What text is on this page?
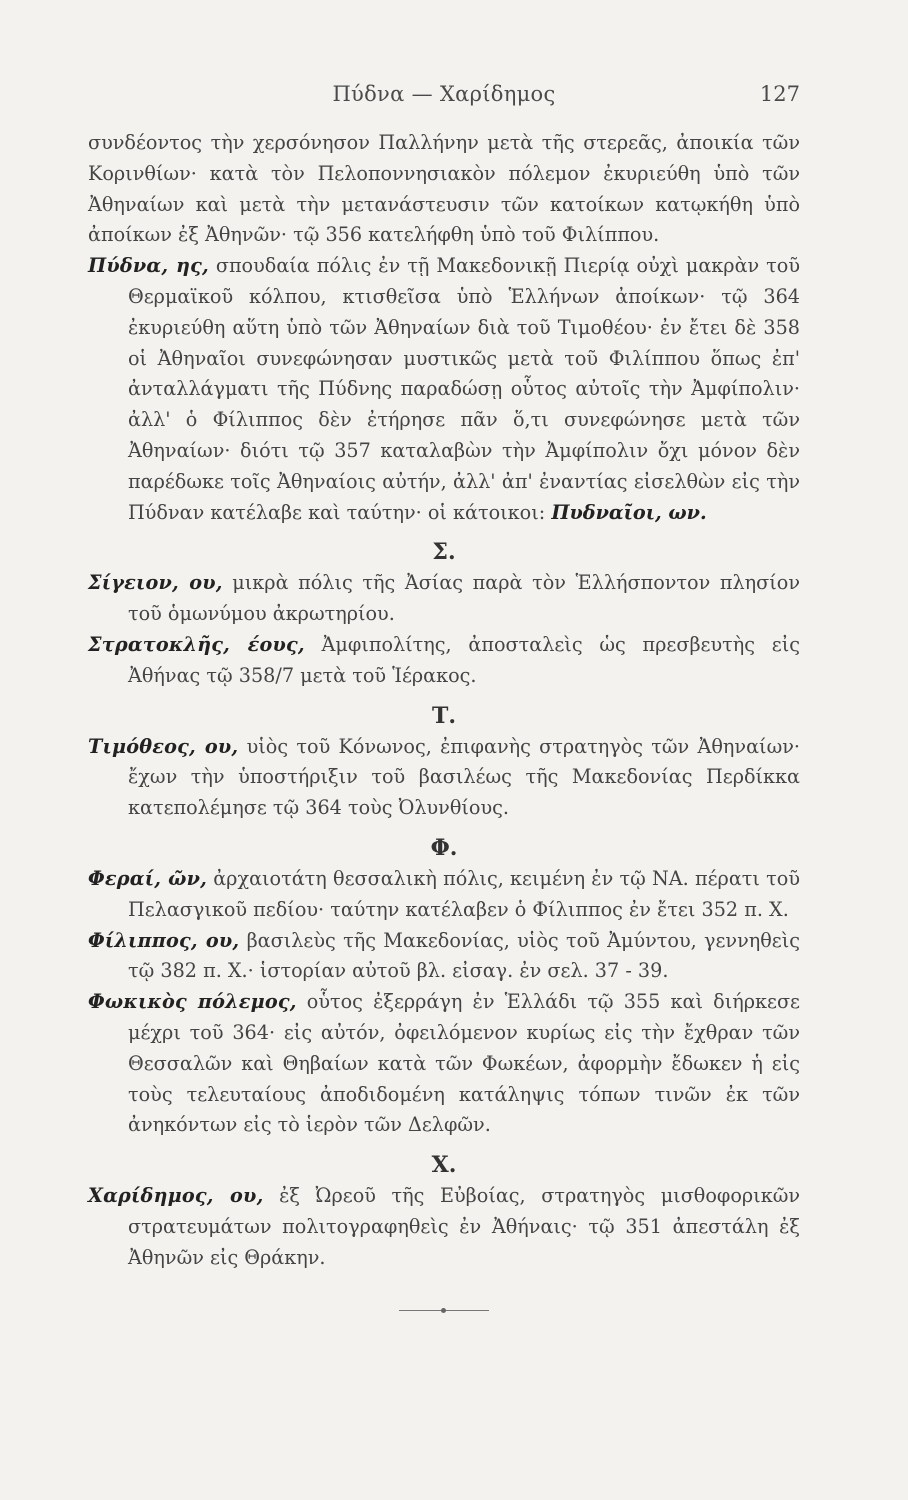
Πύδνα — Χαρίδημος	127

συνδέοντος τὴν χερσόνησον Παλλήνην μετὰ τῆς στερεᾶς, ἀποικία τῶν Κορινθίων· κατὰ τὸν Πελοποννησιακὸν πόλεμον ἐκυριεύθη ὑπὸ τῶν Ἀθηναίων καὶ μετὰ τὴν μετανάστευσιν τῶν κατοίκων κατῳκήθη ὑπὸ ἀποίκων ἐξ Ἀθηνῶν· τῷ 356 κατελήφθη ὑπὸ τοῦ Φιλίππου.

Πύδνα, ης, σπουδαία πόλις ἐν τῇ Μακεδονικῇ Πιερίᾳ οὐχὶ μακρὰν τοῦ Θερμαϊκοῦ κόλπου, κτισθεῖσα ὑπὸ Ἑλλήνων ἀποίκων· τῷ 364 ἐκυριεύθη αὕτη ὑπὸ τῶν Ἀθηναίων διὰ τοῦ Τιμοθέου· ἐν ἔτει δὲ 358 οἱ Ἀθηναῖοι συνεφώνησαν μυστικῶς μετὰ τοῦ Φιλίππου ὅπως ἐπ' ἀνταλλάγματι τῆς Πύδνης παραδώσῃ οὗτος αὐτοῖς τὴν Ἀμφίπολιν· ἀλλ' ὁ Φίλιππος δὲν ἐτήρησε πᾶν ὅ,τι συνεφώνησε μετὰ τῶν Ἀθηναίων· διότι τῷ 357 καταλαβὼν τὴν Ἀμφίπολιν ὄχι μόνον δὲν παρέδωκε τοῖς Ἀθηναίοις αὐτήν, ἀλλ' ἀπ' ἐναντίας εἰσελθὼν εἰς τὴν Πύδναν κατέλαβε καὶ ταύτην· οἱ κάτοικοι: Πυδναῖοι, ων.

Σ.

Σίγειον, ου, μικρὰ πόλις τῆς Ἀσίας παρὰ τὸν Ἑλλήσποντον πλησίον τοῦ ὁμωνύμου ἀκρωτηρίου.

Στρατοκλῆς, έους, Ἀμφιπολίτης, ἀποσταλεὶς ὡς πρεσβευτὴς εἰς Ἀθήνας τῷ 358/7 μετὰ τοῦ Ἱέρακος.

Τ.

Τιμόθεος, ου, υἱὸς τοῦ Κόνωνος, ἐπιφανὴς στρατηγὸς τῶν Ἀθηναίων· ἔχων τὴν ὑποστήριξιν τοῦ βασιλέως τῆς Μακεδονίας Περδίκκα κατεπολέμησε τῷ 364 τοὺς Ὀλυνθίους.

Φ.

Φεραί, ῶν, ἀρχαιοτάτη θεσσαλικὴ πόλις, κειμένη ἐν τῷ ΝΑ. πέρατι τοῦ Πελασγικοῦ πεδίου· ταύτην κατέλαβεν ὁ Φίλιππος ἐν ἔτει 352 π. Χ.

Φίλιππος, ου, βασιλεὺς τῆς Μακεδονίας, υἱὸς τοῦ Ἀμύντου, γεννηθεὶς τῷ 382 π. Χ.· ἱστορίαν αὐτοῦ βλ. εἰσαγ. ἐν σελ. 37 - 39.

Φωκικὸς πόλεμος, οὗτος ἐξερράγη ἐν Ἑλλάδι τῷ 355 καὶ διήρκεσε μέχρι τοῦ 364· εἰς αὐτόν, ὀφειλόμενον κυρίως εἰς τὴν ἔχθραν τῶν Θεσσαλῶν καὶ Θηβαίων κατὰ τῶν Φωκέων, ἀφορμὴν ἔδωκεν ἡ εἰς τοὺς τελευταίους ἀποδιδομένη κατάληψις τόπων τινῶν ἐκ τῶν ἀνηκόντων εἰς τὸ ἱερὸν τῶν Δελφῶν.

Χ.

Χαρίδημος, ου, ἐξ Ὠρεοῦ τῆς Εὐβοίας, στρατηγὸς μισθοφορικῶν στρατευμάτων πολιτογραφηθεὶς ἐν Ἀθήναις· τῷ 351 ἀπεστάλη ἐξ Ἀθηνῶν εἰς Θράκην.
